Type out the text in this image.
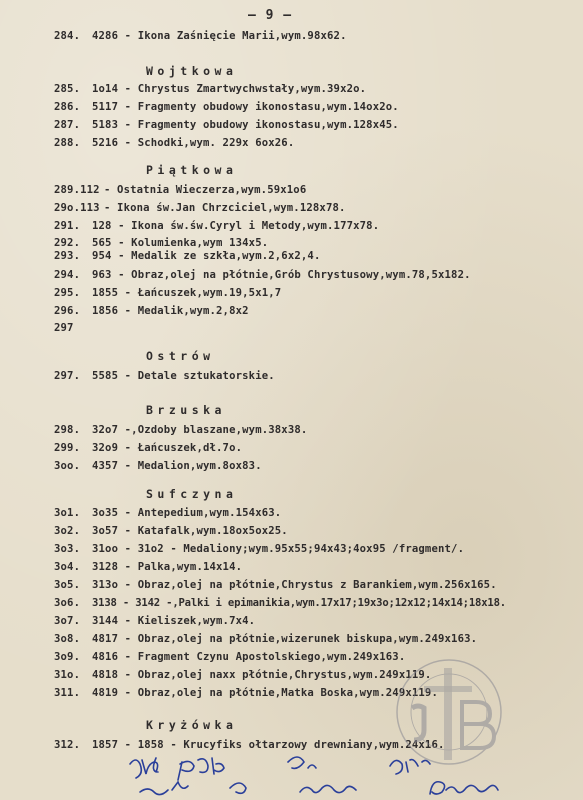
— 9 —
284. 4286 - Ikona Zaśnięcie Marii,wym.98x62.
Wojtkowa
285. 1o14 - Chrystus Zmartwychwstały,wym.39x2o.
286. 5117 - Fragmenty obudowy ikonostasu,wym.14ox2o.
287. 5183 - Fragmenty obudowy ikonostasu,wym.128x45.
288. 5216 - Schodki,wym. 229x 6ox26.
Piątkowa
289.112 - Ostatnia Wieczerza,wym.59x1o6
29o.113 - Ikona św.Jan Chrzciciel,wym.128x78.
291. 128 - Ikona św.św.Cyryl i Metody,wym.177x78.
292. 565 - Kolumienka,wym 134x5.
293. 954 - Medalik ze szkła,wym.2,6x2,4.
294. 963 - Obraz,olej na płótnie,Grób Chrystusowy,wym.78,5x182.
295. 1855 - Łańcuszek,wym.19,5x1,7
296. 1856 - Medalik,wym.2,8x2
297
Ostrów
297. 5585 - Detale sztukatorskie.
Brzuska
298. 32o7 -,Ozdoby blaszane,wym.38x38.
299. 32o9 - Łańcuszek,dł.7o.
3oo. 4357 - Medalion,wym.8ox83.
Sufczyna
3o1. 3o35 - Antepedium,wym.154x63.
3o2. 3o57 - Katafalk,wym.18ox5ox25.
3o3. 31oo - 31o2 - Medaliony;wym.95x55;94x43;4ox95 /fragment/.
3o4. 3128 - Palka,wym.14x14.
3o5. 313o - Obraz,olej na płótnie,Chrystus z Barankiem,wym.256x165.
3o6. 3138 - 3142 -,Palki i epimanikia,wym.17x17;19x3o;12x12;14x14;18x18.
3o7. 3144 - Kieliszek,wym.7x4.
3o8. 4817 - Obraz,olej na płótnie,wizerunek biskupa,wym.249x163.
3o9. 4816 - Fragment Czynu Apostolskiego,wym.249x163.
31o. 4818 - Obraz,olej naxx płótnie,Chrystus,wym.249x119.
311. 4819 - Obraz,olej na płótnie,Matka Boska,wym.249x119.
Kryżówka
312. 1857 - 1858 - Krucyfiks ołtarzowy drewniany,wym.24x16.
